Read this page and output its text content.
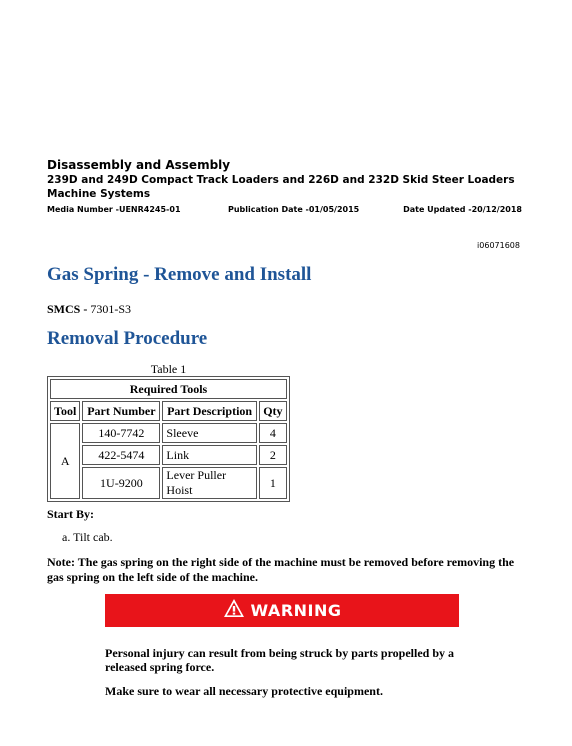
Disassembly and Assembly
239D and 249D Compact Track Loaders and 226D and 232D Skid Steer Loaders
Machine Systems
Media Number -UENR4245-01	Publication Date -01/05/2015	Date Updated -20/12/2018
i06071608
Gas Spring - Remove and Install
SMCS - 7301-S3
Removal Procedure
Table 1
Required Tools			
Tool	Part Number	Part Description	Qty
A	140-7742	Sleeve	4
	422-5474	Link	2
	1U-9200	Lever Puller Hoist	1
Start By:
a. Tilt cab.
Note: The gas spring on the right side of the machine must be removed before removing the gas spring on the left side of the machine.
WARNING
Personal injury can result from being struck by parts propelled by a released spring force.
Make sure to wear all necessary protective equipment.
